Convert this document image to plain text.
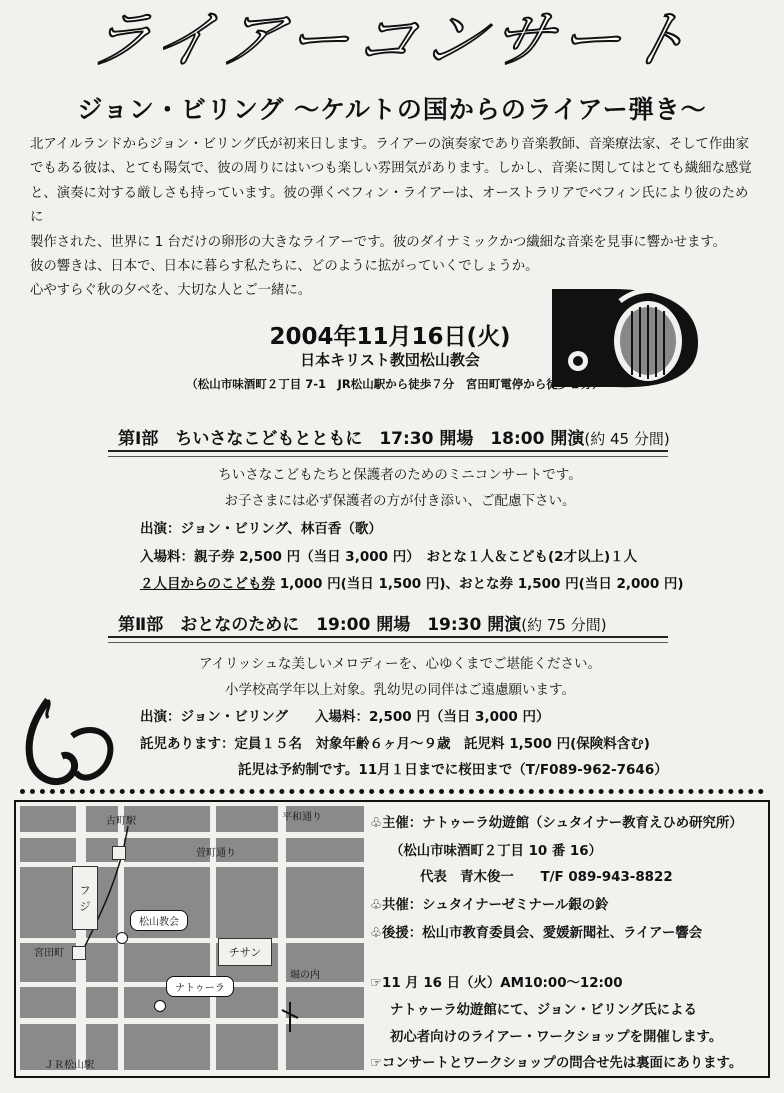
ライアーコンサート
ジョン・ビリング 〜ケルトの国からのライアー弾き〜
北アイルランドからジョン・ビリング氏が初来日します。ライアーの演奏家であり音楽教師、音楽療法家、そして作曲家
でもある彼は、とても陽気で、彼の周りにはいつも楽しい雰囲気があります。しかし、音楽に関してはとても繊細な感覚
と、演奏に対する厳しさも持っています。彼の弾くベフィン・ライアーは、オーストラリアでベフィン氏により彼のために
製作された、世界に 1 台だけの卵形の大きなライアーです。彼のダイナミックかつ繊細な音楽を見事に響かせます。
彼の響きは、日本で、日本に暮らす私たちに、どのように拡がっていくでしょうか。
心やすらぐ秋の夕べを、大切な人とご一緒に。
2004年11月16日(火)
日本キリスト教団松山教会
（松山市味酒町２丁目 7-1　JR松山駅から徒歩７分　宮田町電停から徒歩２分）
第Ⅰ部　ちいさなこどもとともに　17:30 開場　18:00 開演(約 45 分間)
ちいさなこどもたちと保護者のためのミニコンサートです。
お子さまには必ず保護者の方が付き添い、ご配慮下さい。
出演：ジョン・ビリング、林百香（歌）
入場料：親子券 2,500 円（当日 3,000 円）　おとな１人＆こども(2才以上)１人
２人目からのこども券 1,000 円(当日 1,500 円)、おとな券 1,500 円(当日 2,000 円)
第Ⅱ部　おとなのために　19:00 開場　19:30 開演(約 75 分間)
アイリッシュな美しいメロディーを、心ゆくまでご堪能ください。
小学校高学年以上対象。乳幼児の同伴はご遠慮願います。
出演：ジョン・ビリング　　入場料：2,500 円（当日 3,000 円）
託児あります：定員１５名　対象年齢６ヶ月〜９歳　託児料 1,500 円(保険料含む)
託児は予約制です。11月１日までに桜田まで（T/F089-962-7646）
古町駅	平和通り
萱町通り
宮田町
堀の内
ＪＲ松山駅
フ
ジ
チサン
松山教会
ナトゥーラ
♧主催：ナトゥーラ幼遊館（シュタイナー教育えひめ研究所）
（松山市味酒町２丁目 10 番 16）
代表　青木俊一　　T/F 089-943-8822
♧共催：シュタイナーゼミナール銀の鈴
♧後援：松山市教育委員会、愛媛新聞社、ライアー響会
☞11 月 16 日（火）AM10:00〜12:00
ナトゥーラ幼遊館にて、ジョン・ビリング氏による
初心者向けのライアー・ワークショップを開催します。
☞コンサートとワークショップの問合せ先は裏面にあります。
